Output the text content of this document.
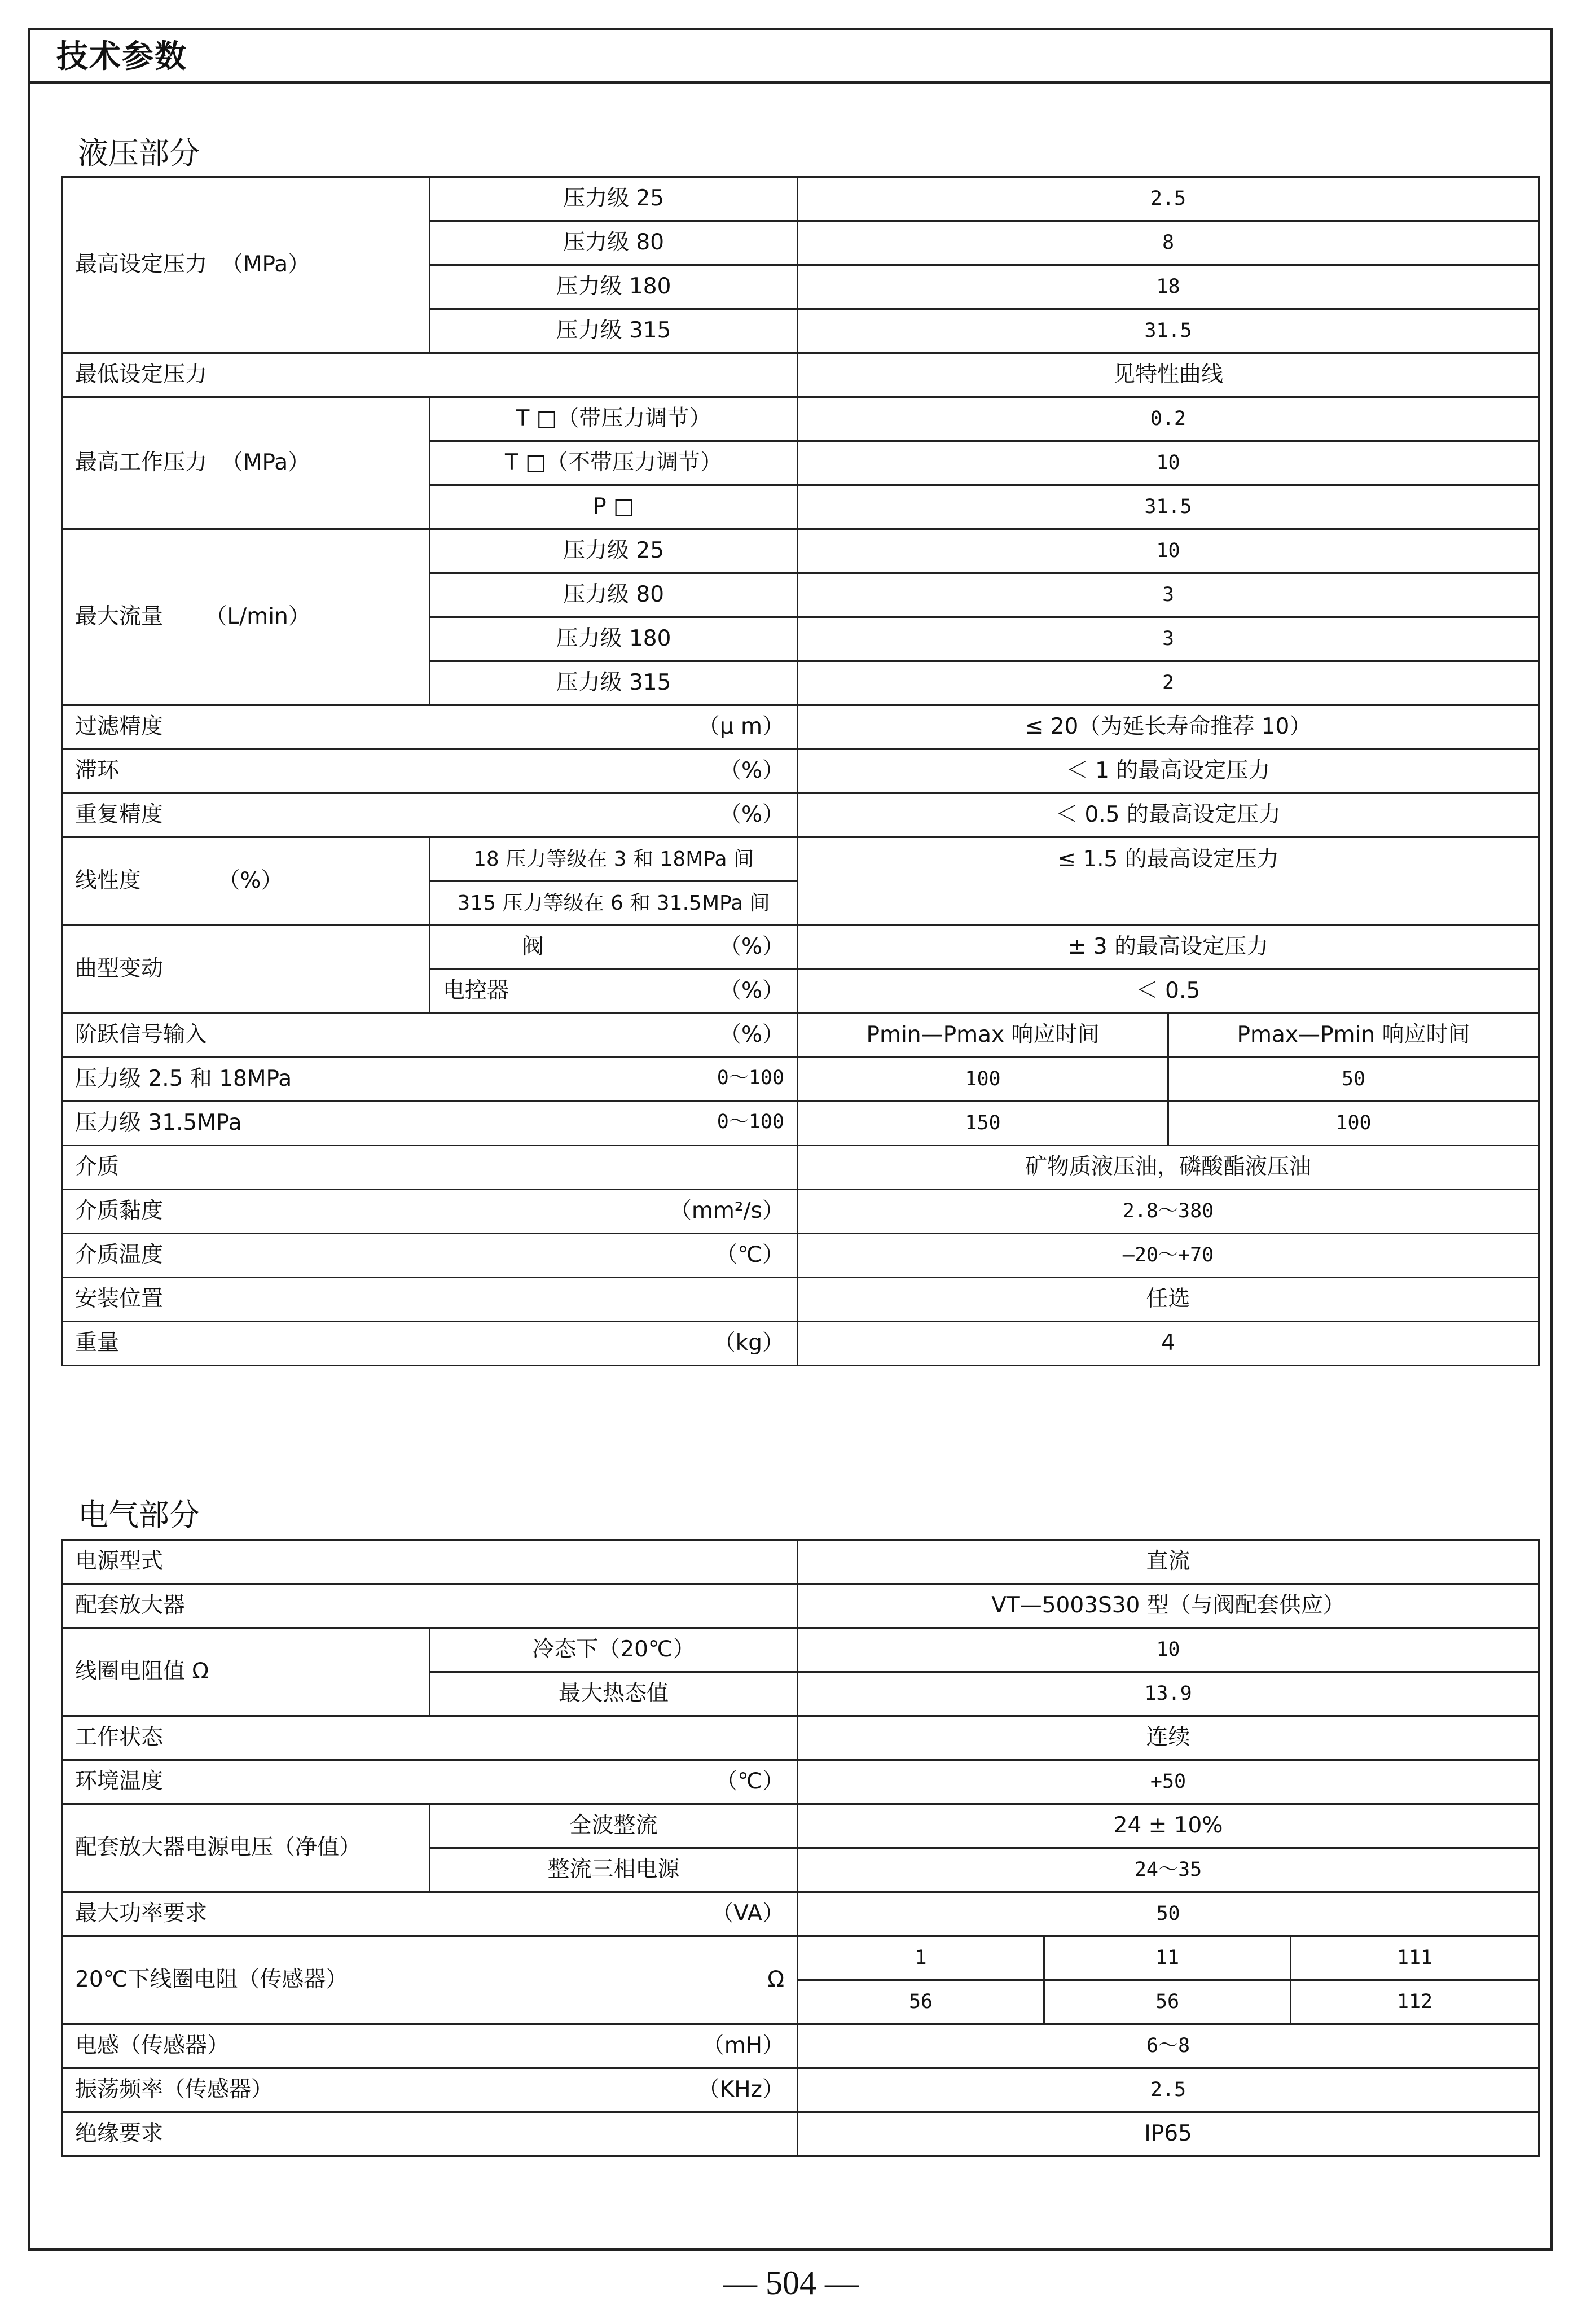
技术参数
液压部分
最高设定压力 （MPa）	压力级 25	2.5	
	压力级 80	8	
	压力级 180	18	
	压力级 315	31.5	
最低设定压力		见特性曲线	
最高工作压力 （MPa）	T □（带压力调节）	0.2	
	T □（不带压力调节）	10	
	P □	31.5	
最大流量 （L/min）	压力级 25	10	
	压力级 80	3	
	压力级 180	3	
	压力级 315	2	

过滤精度 （μ m）		≤ 20（为延长寿命推荐 10）	

滞环 （%）		＜ 1 的最高设定压力	

重复精度 （%）		＜ 0.5 的最高设定压力	
线性度 （%）	18 压力等级在 3 和 18MPa 间	≤ 1.5 的最高设定压力	
	315 压力等级在 6 和 31.5MPa 间		
曲型变动	阀 （%）	± 3 的最高设定压力	

	电控器 （%）	＜ 0.5	

阶跃信号输入 （%）		Pmin—Pmax 响应时间	Pmax—Pmin 响应时间

压力级 2.5 和 18MPa 0～100		100	50

压力级 31.5MPa 0～100		150	100
介质		矿物质液压油，磷酸酯液压油	

介质黏度 （mm²/s）		2.8～380	

介质温度 （℃）		—20～+70	
安装位置		任选	

重量 （kg）		4	
电气部分
电源型式		直流		
配套放大器		VT—5003S30 型（与阀配套供应）		
线圈电阻值 Ω	冷态下（20℃）	10		
	最大热态值	13.9		
工作状态		连续		

环境温度 （℃）		+50		
配套放大器电源电压（净值）	全波整流	24 ± 10%		
	整流三相电源	24～35		

最大功率要求 （VA）		50		

20℃下线圈电阻（传感器） Ω		1	11	111
		56	56	112

电感（传感器） （mH）		6～8		

振荡频率（传感器） （KHz）		2.5		
绝缘要求		IP65		
— 504 —
